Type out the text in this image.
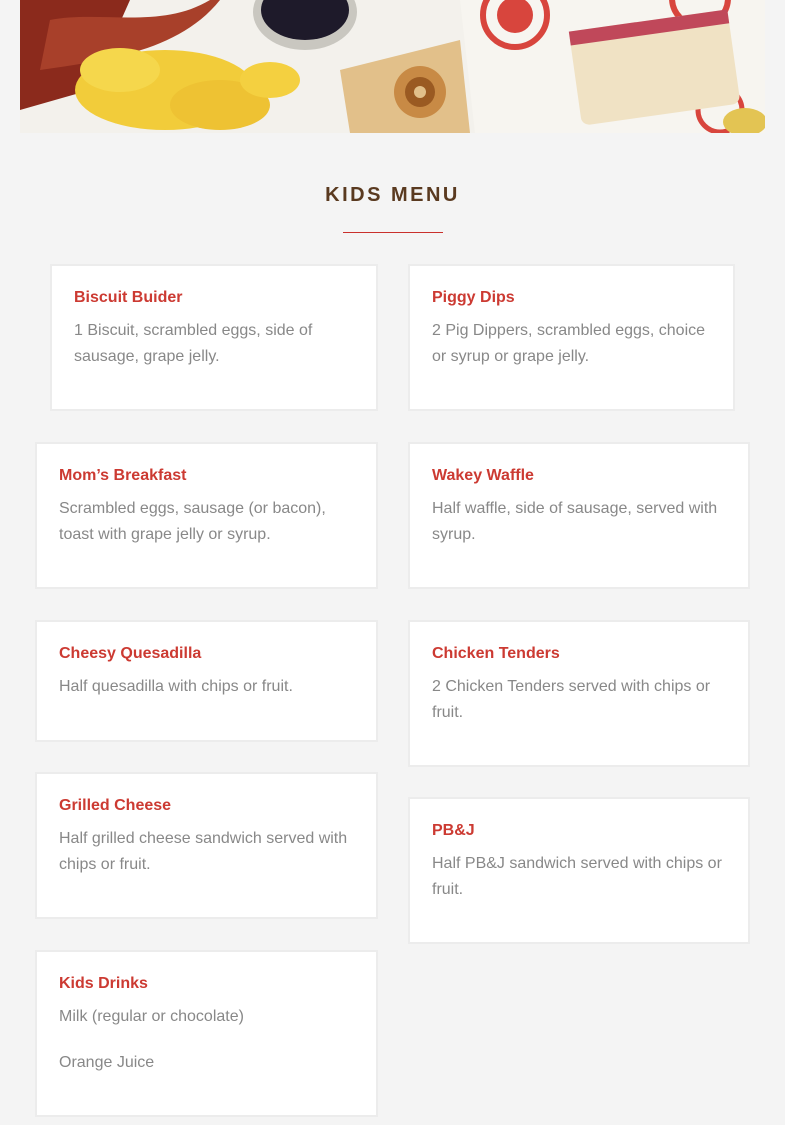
KIDS MENU
Biscuit Buider

1 Biscuit, scrambled eggs, side of sausage, grape jelly.

Piggy Dips

2 Pig Dippers, scrambled eggs, choice or syrup or grape jelly.

Mom’s Breakfast

Scrambled eggs, sausage (or bacon), toast with grape jelly or syrup.

Wakey Waffle

Half waffle, side of sausage, served with syrup.

Cheesy Quesadilla

Half quesadilla with chips or fruit.

Chicken Tenders

2 Chicken Tenders served with chips or fruit.

Grilled Cheese

Half grilled cheese sandwich served with chips or fruit.

PB&J

Half PB&J sandwich served with chips or fruit.

Kids Drinks

Milk (regular or chocolate)

Orange Juice
